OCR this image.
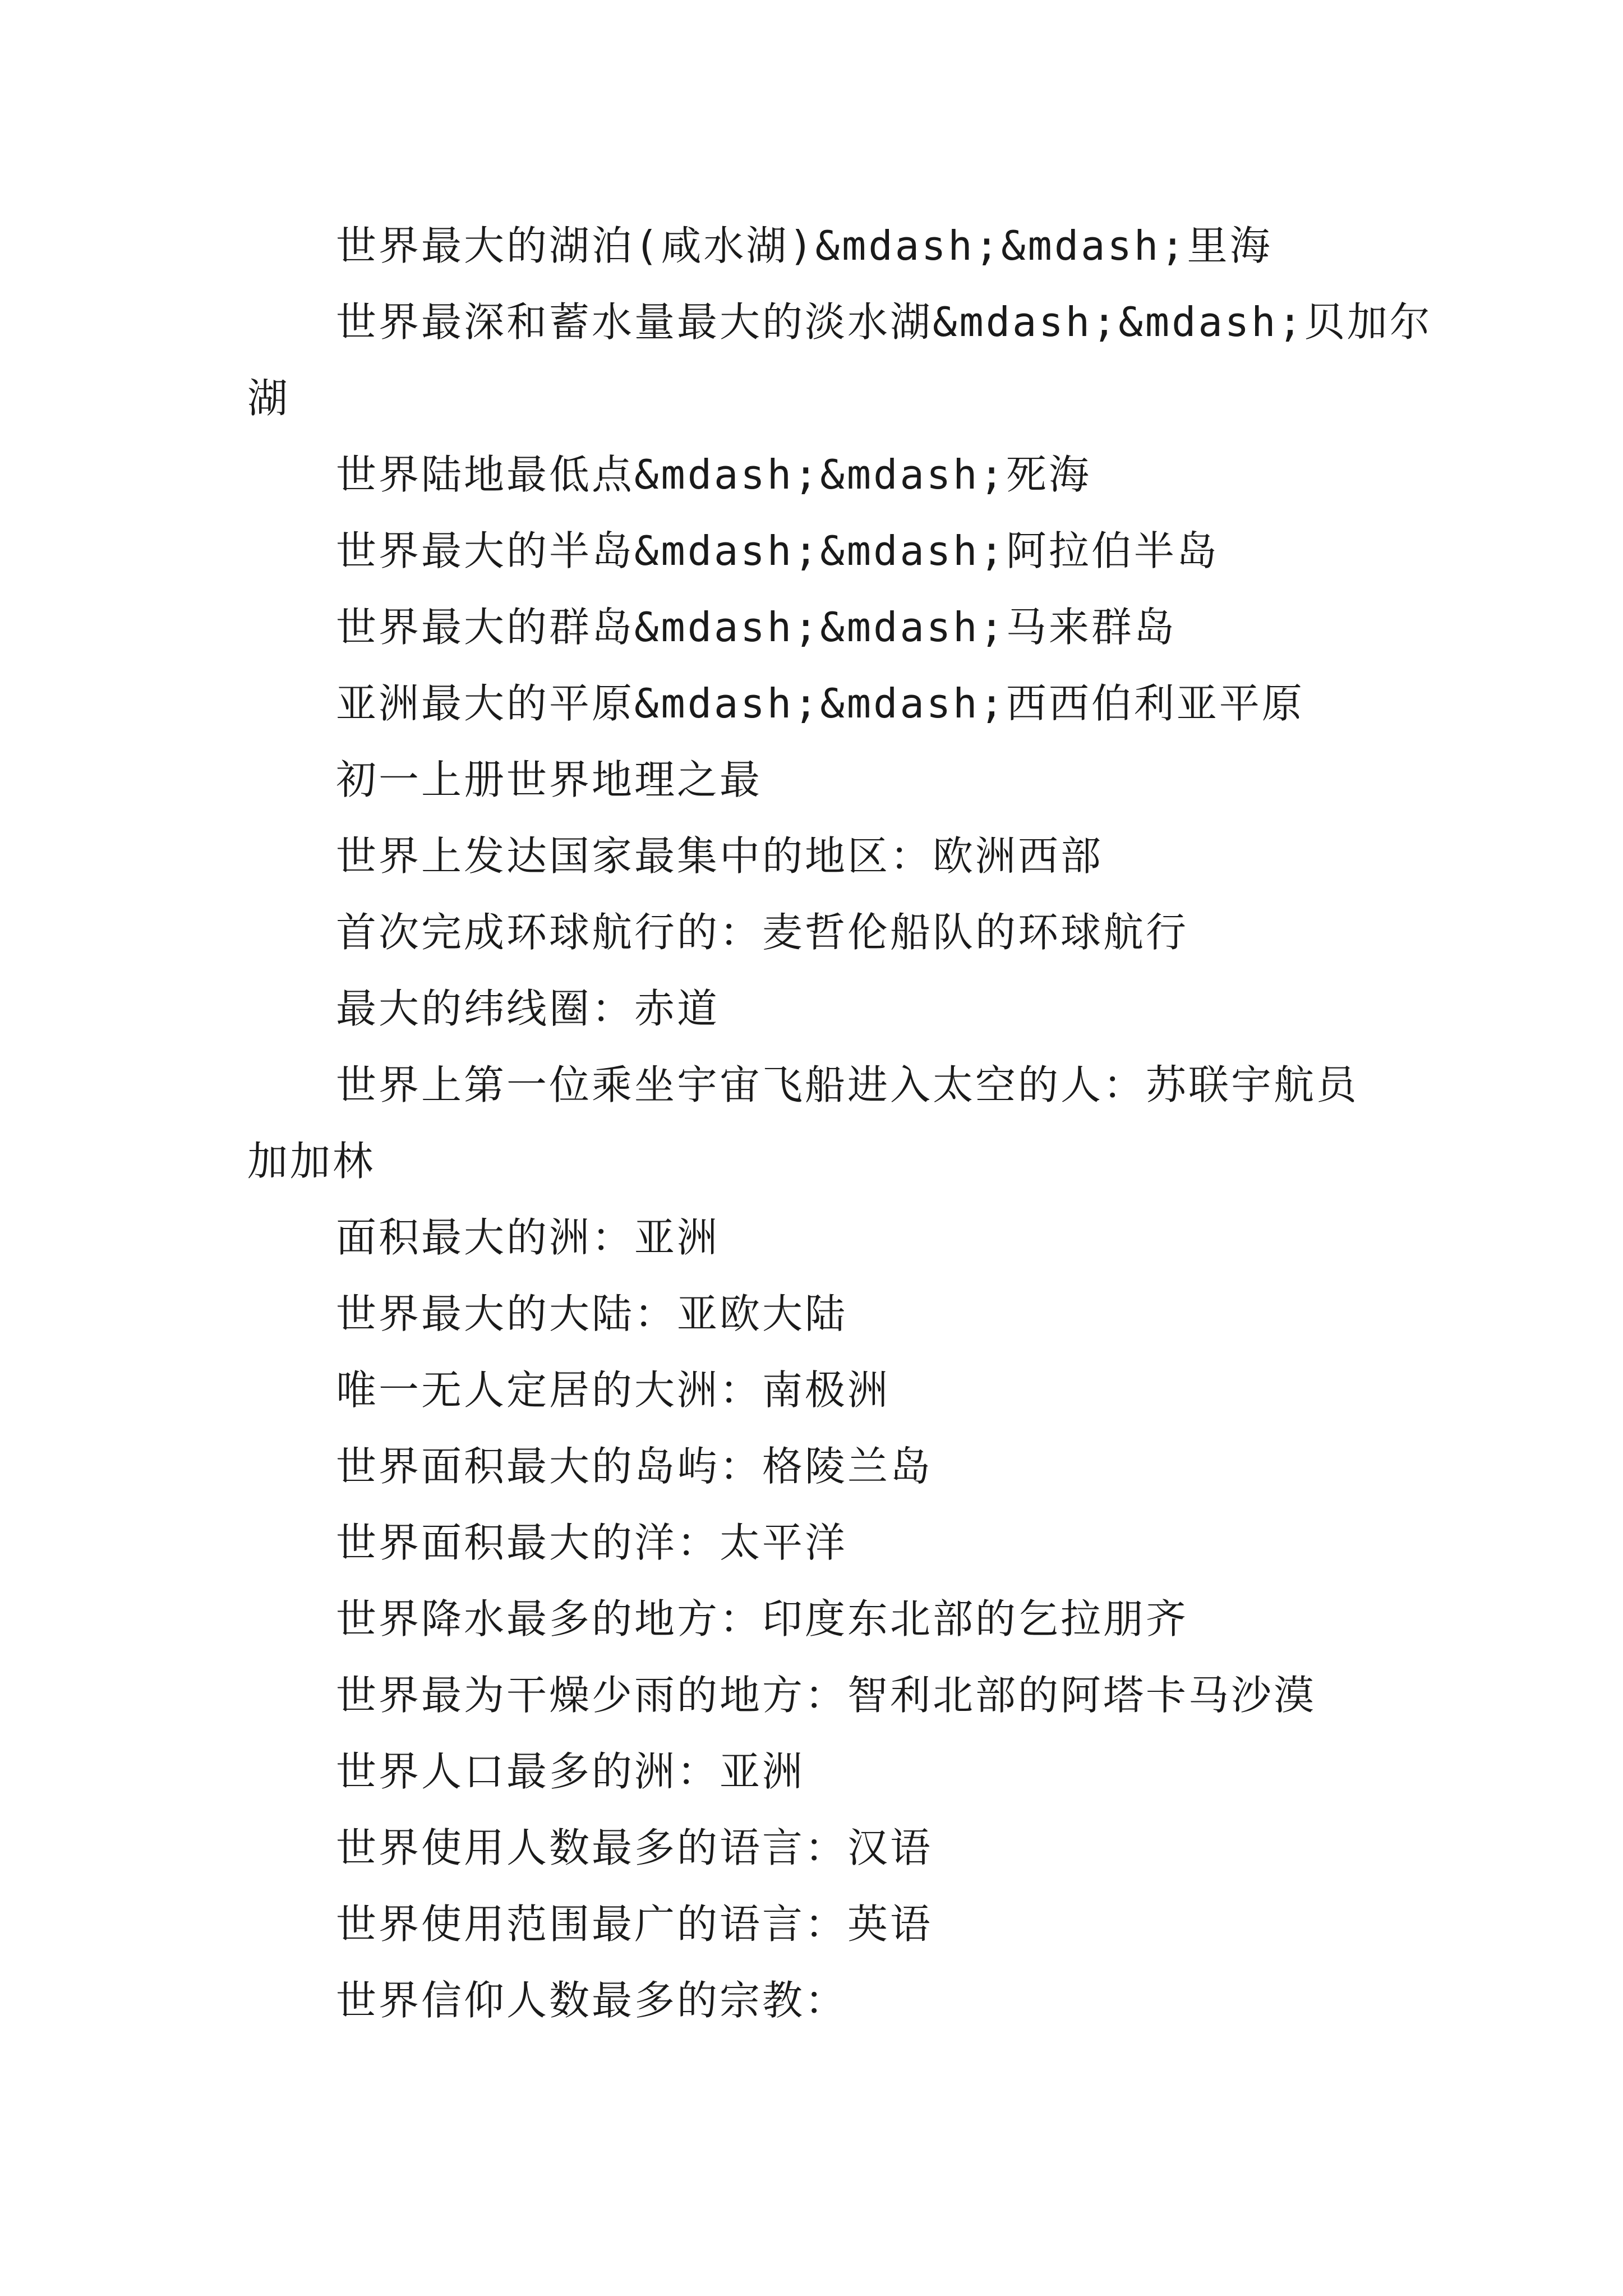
世界最大的湖泊(咸水湖)&mdash;&mdash;里海
世界最深和蓄水量最大的淡水湖&mdash;&mdash;贝加尔
湖
世界陆地最低点&mdash;&mdash;死海
世界最大的半岛&mdash;&mdash;阿拉伯半岛
世界最大的群岛&mdash;&mdash;马来群岛
亚洲最大的平原&mdash;&mdash;西西伯利亚平原
初一上册世界地理之最
世界上发达国家最集中的地区：欧洲西部
首次完成环球航行的：麦哲伦船队的环球航行
最大的纬线圈：赤道
世界上第一位乘坐宇宙飞船进入太空的人：苏联宇航员
加加林
面积最大的洲：亚洲
世界最大的大陆：亚欧大陆
唯一无人定居的大洲：南极洲
世界面积最大的岛屿：格陵兰岛
世界面积最大的洋：太平洋
世界降水最多的地方：印度东北部的乞拉朋齐
世界最为干燥少雨的地方：智利北部的阿塔卡马沙漠
世界人口最多的洲：亚洲
世界使用人数最多的语言：汉语
世界使用范围最广的语言：英语
世界信仰人数最多的宗教：
